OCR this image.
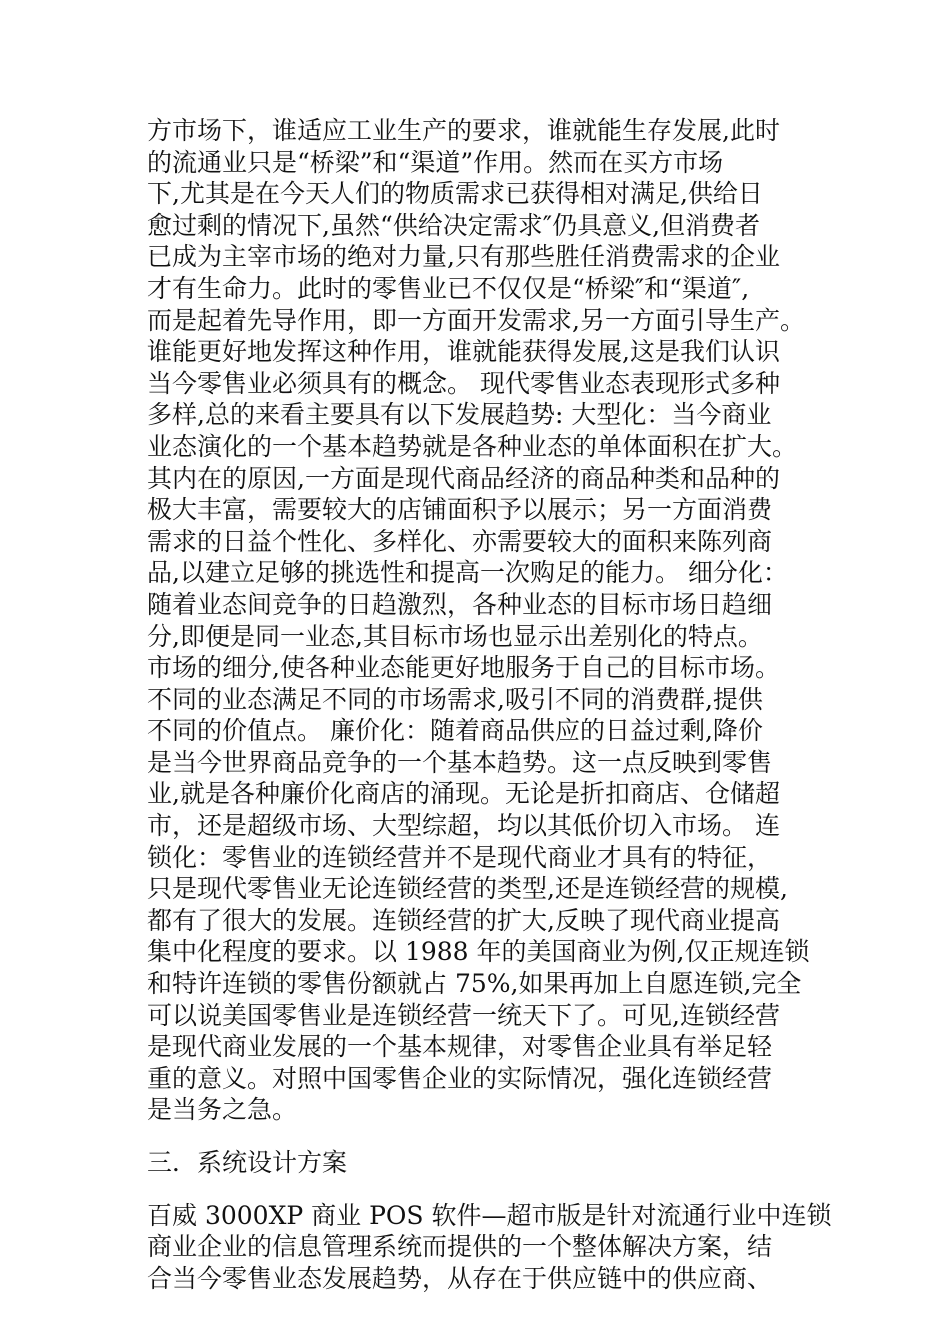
方市场下，谁适应工业生产的要求，谁就能生存发展,此时
的流通业只是“桥梁”和“渠道”作用。然而在买方市场
下,尤其是在今天人们的物质需求已获得相对满足,供给日
愈过剩的情况下,虽然“供给决定需求″仍具意义,但消费者
已成为主宰市场的绝对力量,只有那些胜任消费需求的企业
才有生命力。此时的零售业已不仅仅是“桥梁″和“渠道″,
而是起着先导作用，即一方面开发需求,另一方面引导生产。
谁能更好地发挥这种作用，谁就能获得发展,这是我们认识
当今零售业必须具有的概念。 现代零售业态表现形式多种
多样,总的来看主要具有以下发展趋势: 大型化：当今商业
业态演化的一个基本趋势就是各种业态的单体面积在扩大。
其内在的原因,一方面是现代商品经济的商品种类和品种的
极大丰富，需要较大的店铺面积予以展示；另一方面消费
需求的日益个性化、多样化、亦需要较大的面积来陈列商
品,以建立足够的挑选性和提高一次购足的能力。 细分化：
随着业态间竞争的日趋激烈，各种业态的目标市场日趋细
分,即便是同一业态,其目标市场也显示出差别化的特点。
市场的细分,使各种业态能更好地服务于自己的目标市场。
不同的业态满足不同的市场需求,吸引不同的消费群,提供
不同的价值点。 廉价化：随着商品供应的日益过剩,降价
是当今世界商品竞争的一个基本趋势。这一点反映到零售
业,就是各种廉价化商店的涌现。无论是折扣商店、仓储超
市，还是超级市场、大型综超，均以其低价切入市场。 连
锁化：零售业的连锁经营并不是现代商业才具有的特征，
只是现代零售业无论连锁经营的类型,还是连锁经营的规模,
都有了很大的发展。连锁经营的扩大,反映了现代商业提高
集中化程度的要求。以 1988 年的美国商业为例,仅正规连锁
和特许连锁的零售份额就占 75%,如果再加上自愿连锁,完全
可以说美国零售业是连锁经营一统天下了。可见,连锁经营
是现代商业发展的一个基本规律，对零售企业具有举足轻
重的意义。对照中国零售企业的实际情况，强化连锁经营
是当务之急。
三．系统设计方案
百威 3000XP 商业 POS 软件—超市版是针对流通行业中连锁
商业企业的信息管理系统而提供的一个整体解决方案，结
合当今零售业态发展趋势，从存在于供应链中的供应商、
